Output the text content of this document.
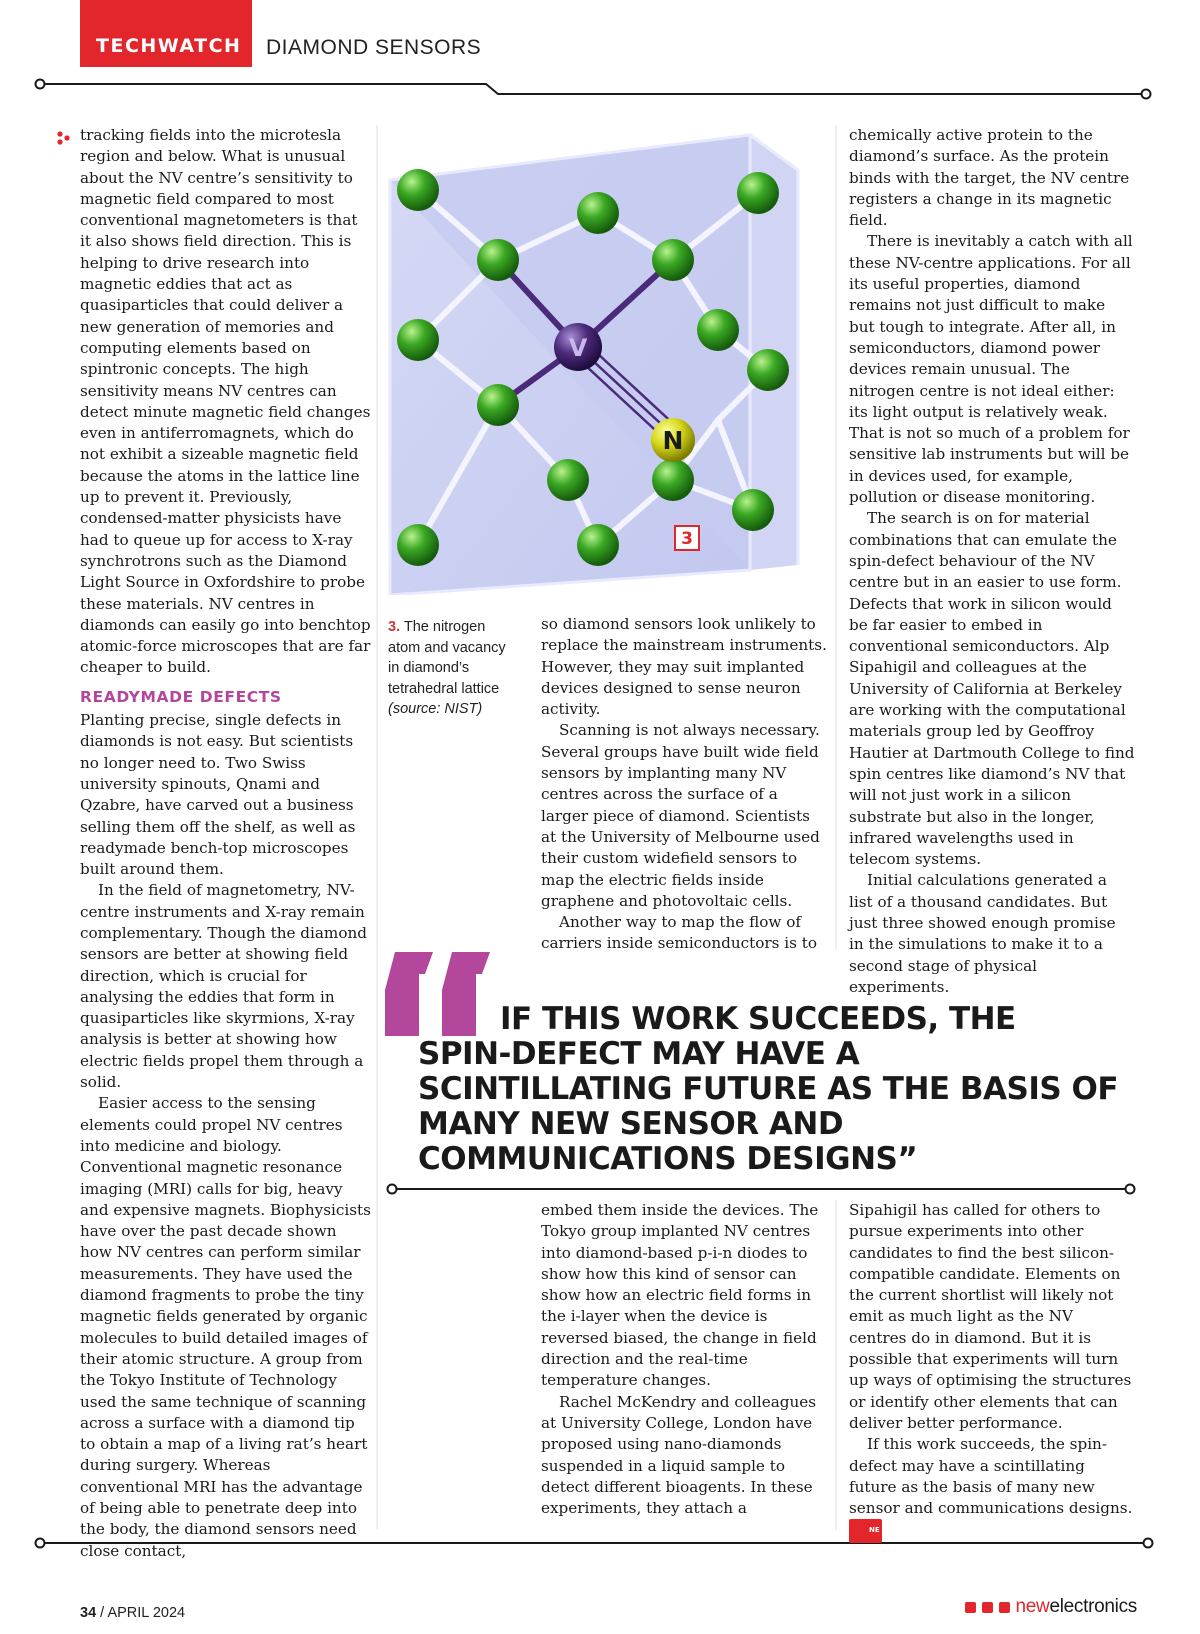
TECHWATCH	DIAMOND SENSORS

tracking fields into the microtesla region and below. What is unusual about the NV centre’s sensitivity to magnetic field compared to most conventional magnetometers is that it also shows field direction. This is helping to drive research into magnetic eddies that act as quasiparticles that could deliver a new generation of memories and computing elements based on spintronic concepts. The high sensitivity means NV centres can detect minute magnetic field changes even in antiferromagnets, which do not exhibit a sizeable magnetic field because the atoms in the lattice line up to prevent it. Previously, condensed-matter physicists have had to queue up for access to X-ray synchrotrons such as the Diamond Light Source in Oxfordshire to probe these materials. NV centres in diamonds can easily go into benchtop atomic-force microscopes that are far cheaper to build.

READYMADE DEFECTS

Planting precise, single defects in diamonds is not easy. But scientists no longer need to. Two Swiss university spinouts, Qnami and Qzabre, have carved out a business selling them off the shelf, as well as readymade bench-top microscopes built around them.

In the field of magnetometry, NV-centre instruments and X-ray remain complementary. Though the diamond sensors are better at showing field direction, which is crucial for analysing the eddies that form in quasiparticles like skyrmions, X-ray analysis is better at showing how electric fields propel them through a solid.

Easier access to the sensing elements could propel NV centres into medicine and biology. Conventional magnetic resonance imaging (MRI) calls for big, heavy and expensive magnets. Biophysicists have over the past decade shown how NV centres can perform similar measurements. They have used the diamond fragments to probe the tiny magnetic fields generated by organic molecules to build detailed images of their atomic structure. A group from the Tokyo Institute of Technology used the same technique of scanning across a surface with a diamond tip to obtain a map of a living rat’s heart during surgery. Whereas conventional MRI has the advantage of being able to penetrate deep into the body, the diamond sensors need close contact,

V
N
3
3. The nitrogen atom and vacancy in diamond’s tetrahedral lattice (source: NIST)

so diamond sensors look unlikely to replace the mainstream instruments. However, they may suit implanted devices designed to sense neuron activity.

Scanning is not always necessary. Several groups have built wide field sensors by implanting many NV centres across the surface of a larger piece of diamond. Scientists at the University of Melbourne used their custom widefield sensors to map the electric fields inside graphene and photovoltaic cells.

Another way to map the flow of carriers inside semiconductors is to

chemically active protein to the diamond’s surface. As the protein binds with the target, the NV centre registers a change in its magnetic field.

There is inevitably a catch with all these NV-centre applications. For all its useful properties, diamond remains not just difficult to make but tough to integrate. After all, in semiconductors, diamond power devices remain unusual. The nitrogen centre is not ideal either: its light output is relatively weak. That is not so much of a problem for sensitive lab instruments but will be in devices used, for example, pollution or disease monitoring.

The search is on for material combinations that can emulate the spin-defect behaviour of the NV centre but in an easier to use form. Defects that work in silicon would be far easier to embed in conventional semiconductors. Alp Sipahigil and colleagues at the University of California at Berkeley are working with the computational materials group led by Geoffroy Hautier at Dartmouth College to find spin centres like diamond’s NV that will not just work in a silicon substrate but also in the longer, infrared wavelengths used in telecom systems.

Initial calculations generated a list of a thousand candidates. But just three showed enough promise in the simulations to make it to a second stage of physical experiments.

IF THIS WORK SUCCEEDS, THE SPIN-DEFECT MAY HAVE A SCINTILLATING FUTURE AS THE BASIS OF MANY NEW SENSOR AND COMMUNICATIONS DESIGNS”

embed them inside the devices. The Tokyo group implanted NV centres into diamond-based p-i-n diodes to show how this kind of sensor can show how an electric field forms in the i-layer when the device is reversed biased, the change in field direction and the real-time temperature changes.

Rachel McKendry and colleagues at University College, London have proposed using nano-diamonds suspended in a liquid sample to detect different bioagents. In these experiments, they attach a

Sipahigil has called for others to pursue experiments into other candidates to find the best silicon-compatible candidate. Elements on the current shortlist will likely not emit as much light as the NV centres do in diamond. But it is possible that experiments will turn up ways of optimising the structures or identify other elements that can deliver better performance.

If this work succeeds, the spin-defect may have a scintillating future as the basis of many new sensor and communications designs. NE

34 / APRIL 2024	newelectronics
